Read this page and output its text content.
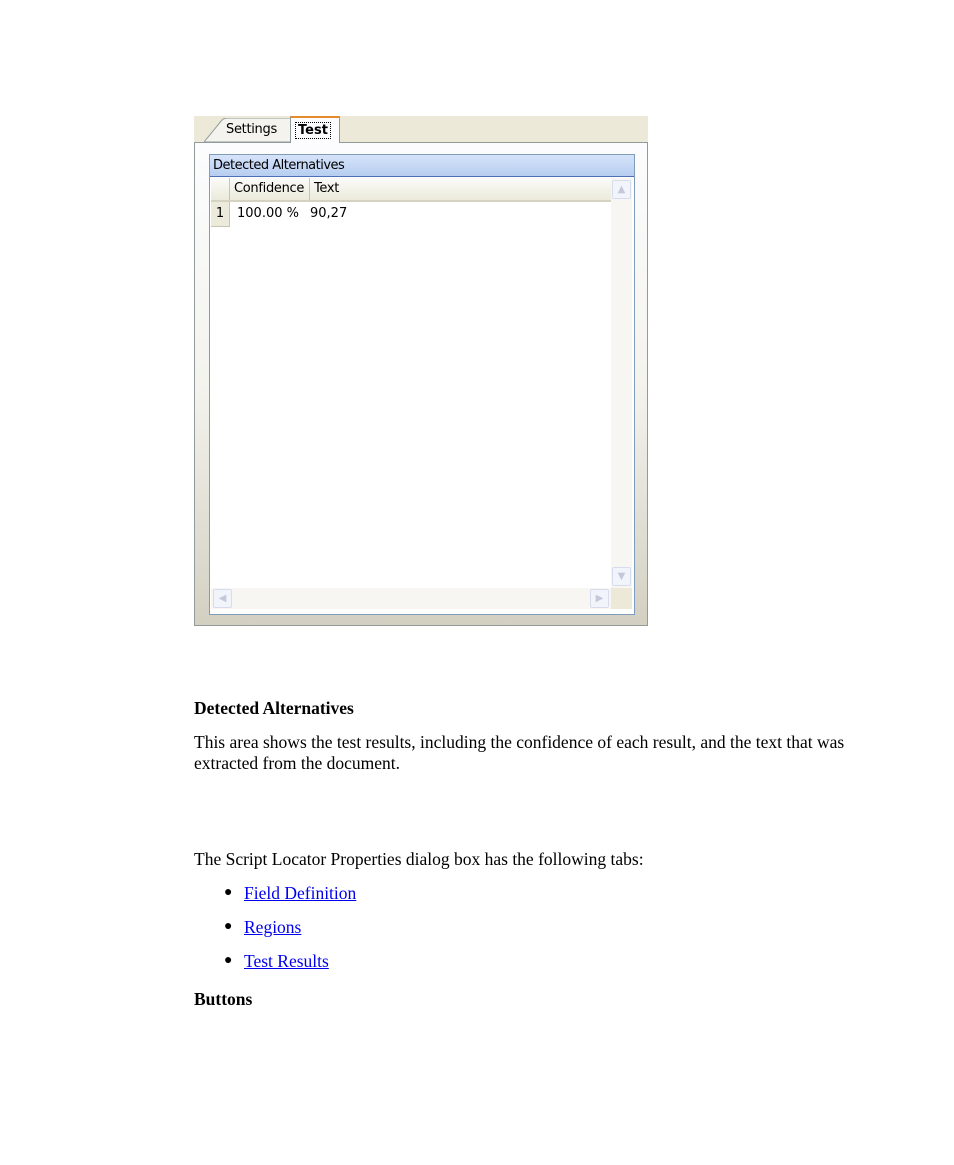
Settings Test
Detected Alternatives
Confidence Text
1 100.00 % 90,27
▲
▼
◀	▶
Detected Alternatives
This area shows the test results, including the confidence of each result, and the text that was extracted from the document.
The Script Locator Properties dialog box has the following tabs:
● Field Definition
● Regions
● Test Results
Buttons
